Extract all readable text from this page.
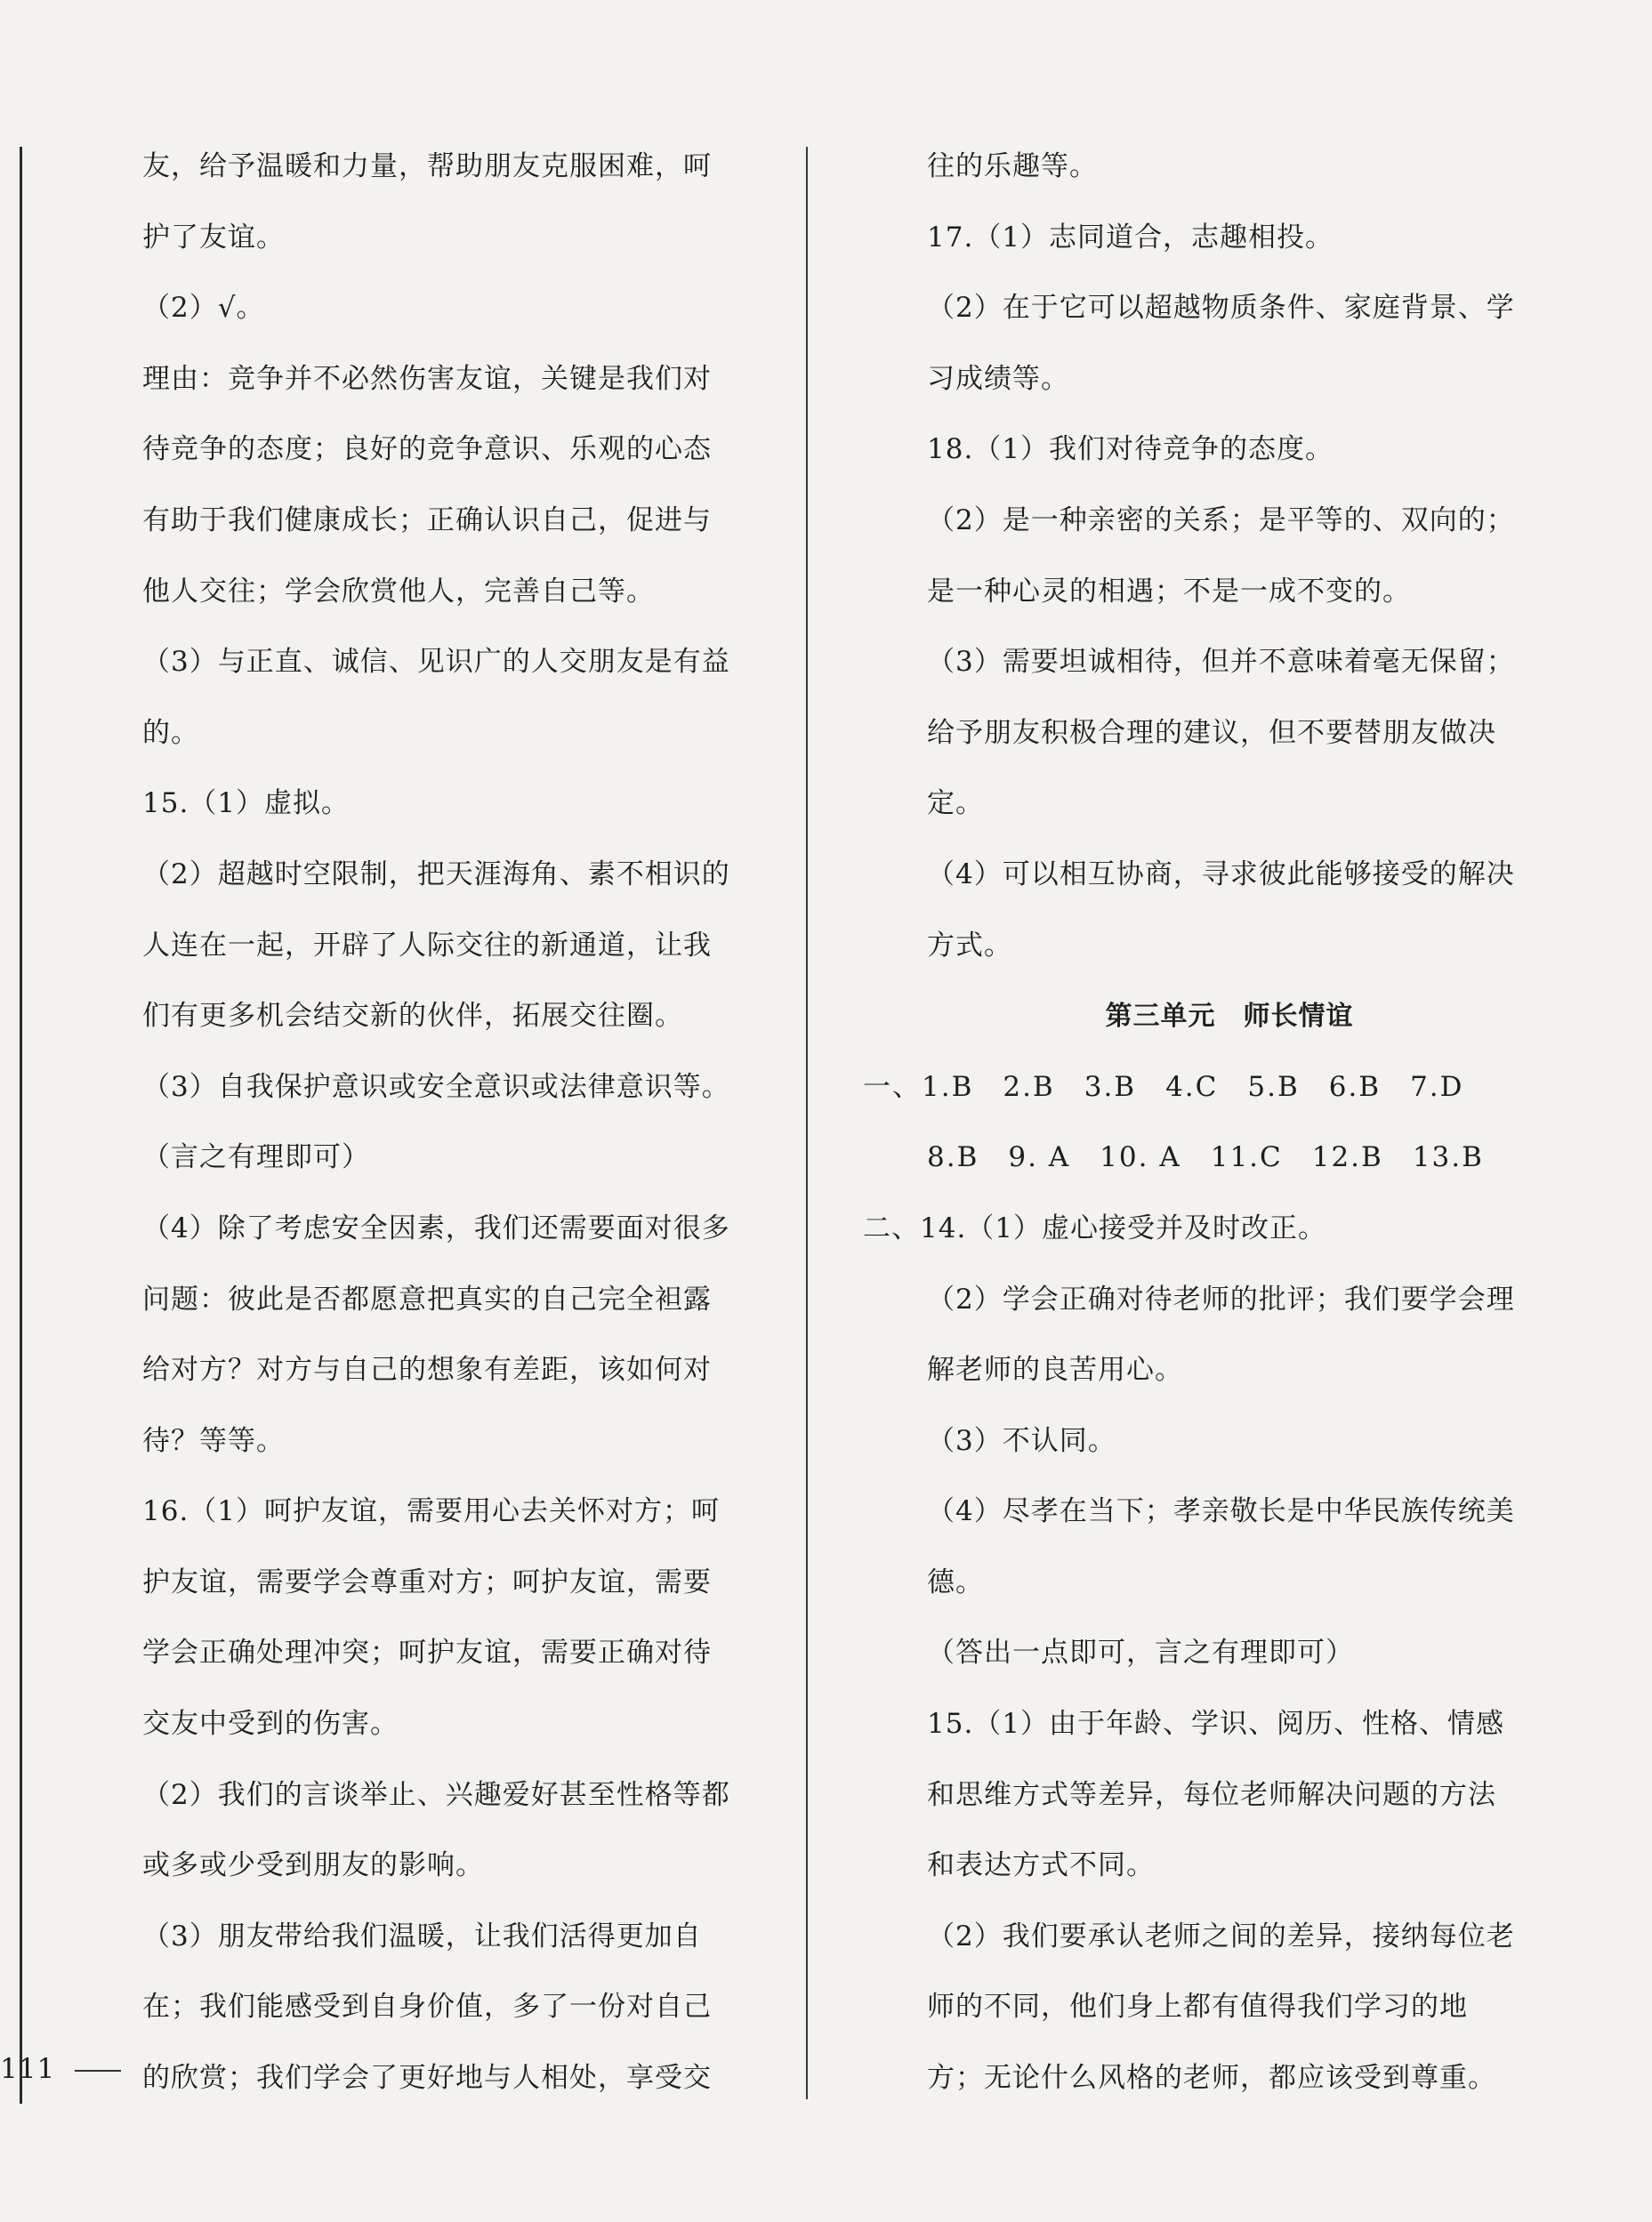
友，给予温暖和力量，帮助朋友克服困难，呵
护了友谊。
（2）√。
理由：竞争并不必然伤害友谊，关键是我们对
待竞争的态度；良好的竞争意识、乐观的心态
有助于我们健康成长；正确认识自己，促进与
他人交往；学会欣赏他人，完善自己等。
（3）与正直、诚信、见识广的人交朋友是有益
的。
15.（1）虚拟。
（2）超越时空限制，把天涯海角、素不相识的
人连在一起，开辟了人际交往的新通道，让我
们有更多机会结交新的伙伴，拓展交往圈。
（3）自我保护意识或安全意识或法律意识等。
（言之有理即可）
（4）除了考虑安全因素，我们还需要面对很多
问题：彼此是否都愿意把真实的自己完全袒露
给对方？对方与自己的想象有差距，该如何对
待？等等。
16.（1）呵护友谊，需要用心去关怀对方；呵
护友谊，需要学会尊重对方；呵护友谊，需要
学会正确处理冲突；呵护友谊，需要正确对待
交友中受到的伤害。
（2）我们的言谈举止、兴趣爱好甚至性格等都
或多或少受到朋友的影响。
（3）朋友带给我们温暖，让我们活得更加自
在；我们能感受到自身价值，多了一份对自己
的欣赏；我们学会了更好地与人相处，享受交
往的乐趣等。
17.（1）志同道合，志趣相投。
（2）在于它可以超越物质条件、家庭背景、学
习成绩等。
18.（1）我们对待竞争的态度。
（2）是一种亲密的关系；是平等的、双向的；
是一种心灵的相遇；不是一成不变的。
（3）需要坦诚相待，但并不意味着毫无保留；
给予朋友积极合理的建议，但不要替朋友做决
定。
（4）可以相互协商，寻求彼此能够接受的解决
方式。
第三单元　师长情谊
一、1.B　2.B　3.B　4.C　5.B　6.B　7.D
8.B　9. A　10. A　11.C　12.B　13.B
二、14.（1）虚心接受并及时改正。
（2）学会正确对待老师的批评；我们要学会理
解老师的良苦用心。
（3）不认同。
（4）尽孝在当下；孝亲敬长是中华民族传统美
德。
（答出一点即可，言之有理即可）
15.（1）由于年龄、学识、阅历、性格、情感
和思维方式等差异，每位老师解决问题的方法
和表达方式不同。
（2）我们要承认老师之间的差异，接纳每位老
师的不同，他们身上都有值得我们学习的地
方；无论什么风格的老师，都应该受到尊重。
111
